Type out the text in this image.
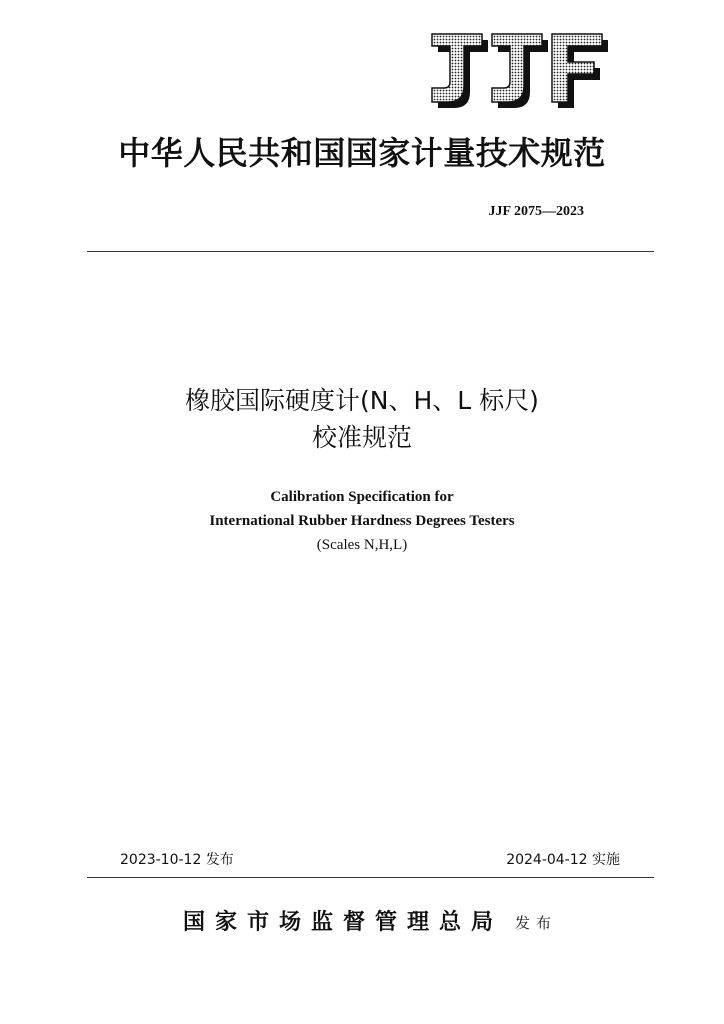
中华人民共和国国家计量技术规范
JJF 2075—2023
橡胶国际硬度计(N、H、L 标尺)
校准规范
Calibration Specification for
International Rubber Hardness Degrees Testers
(Scales N,H,L)
2023-10-12 发布	2024-04-12 实施
国家市场监督管理总局 发布
